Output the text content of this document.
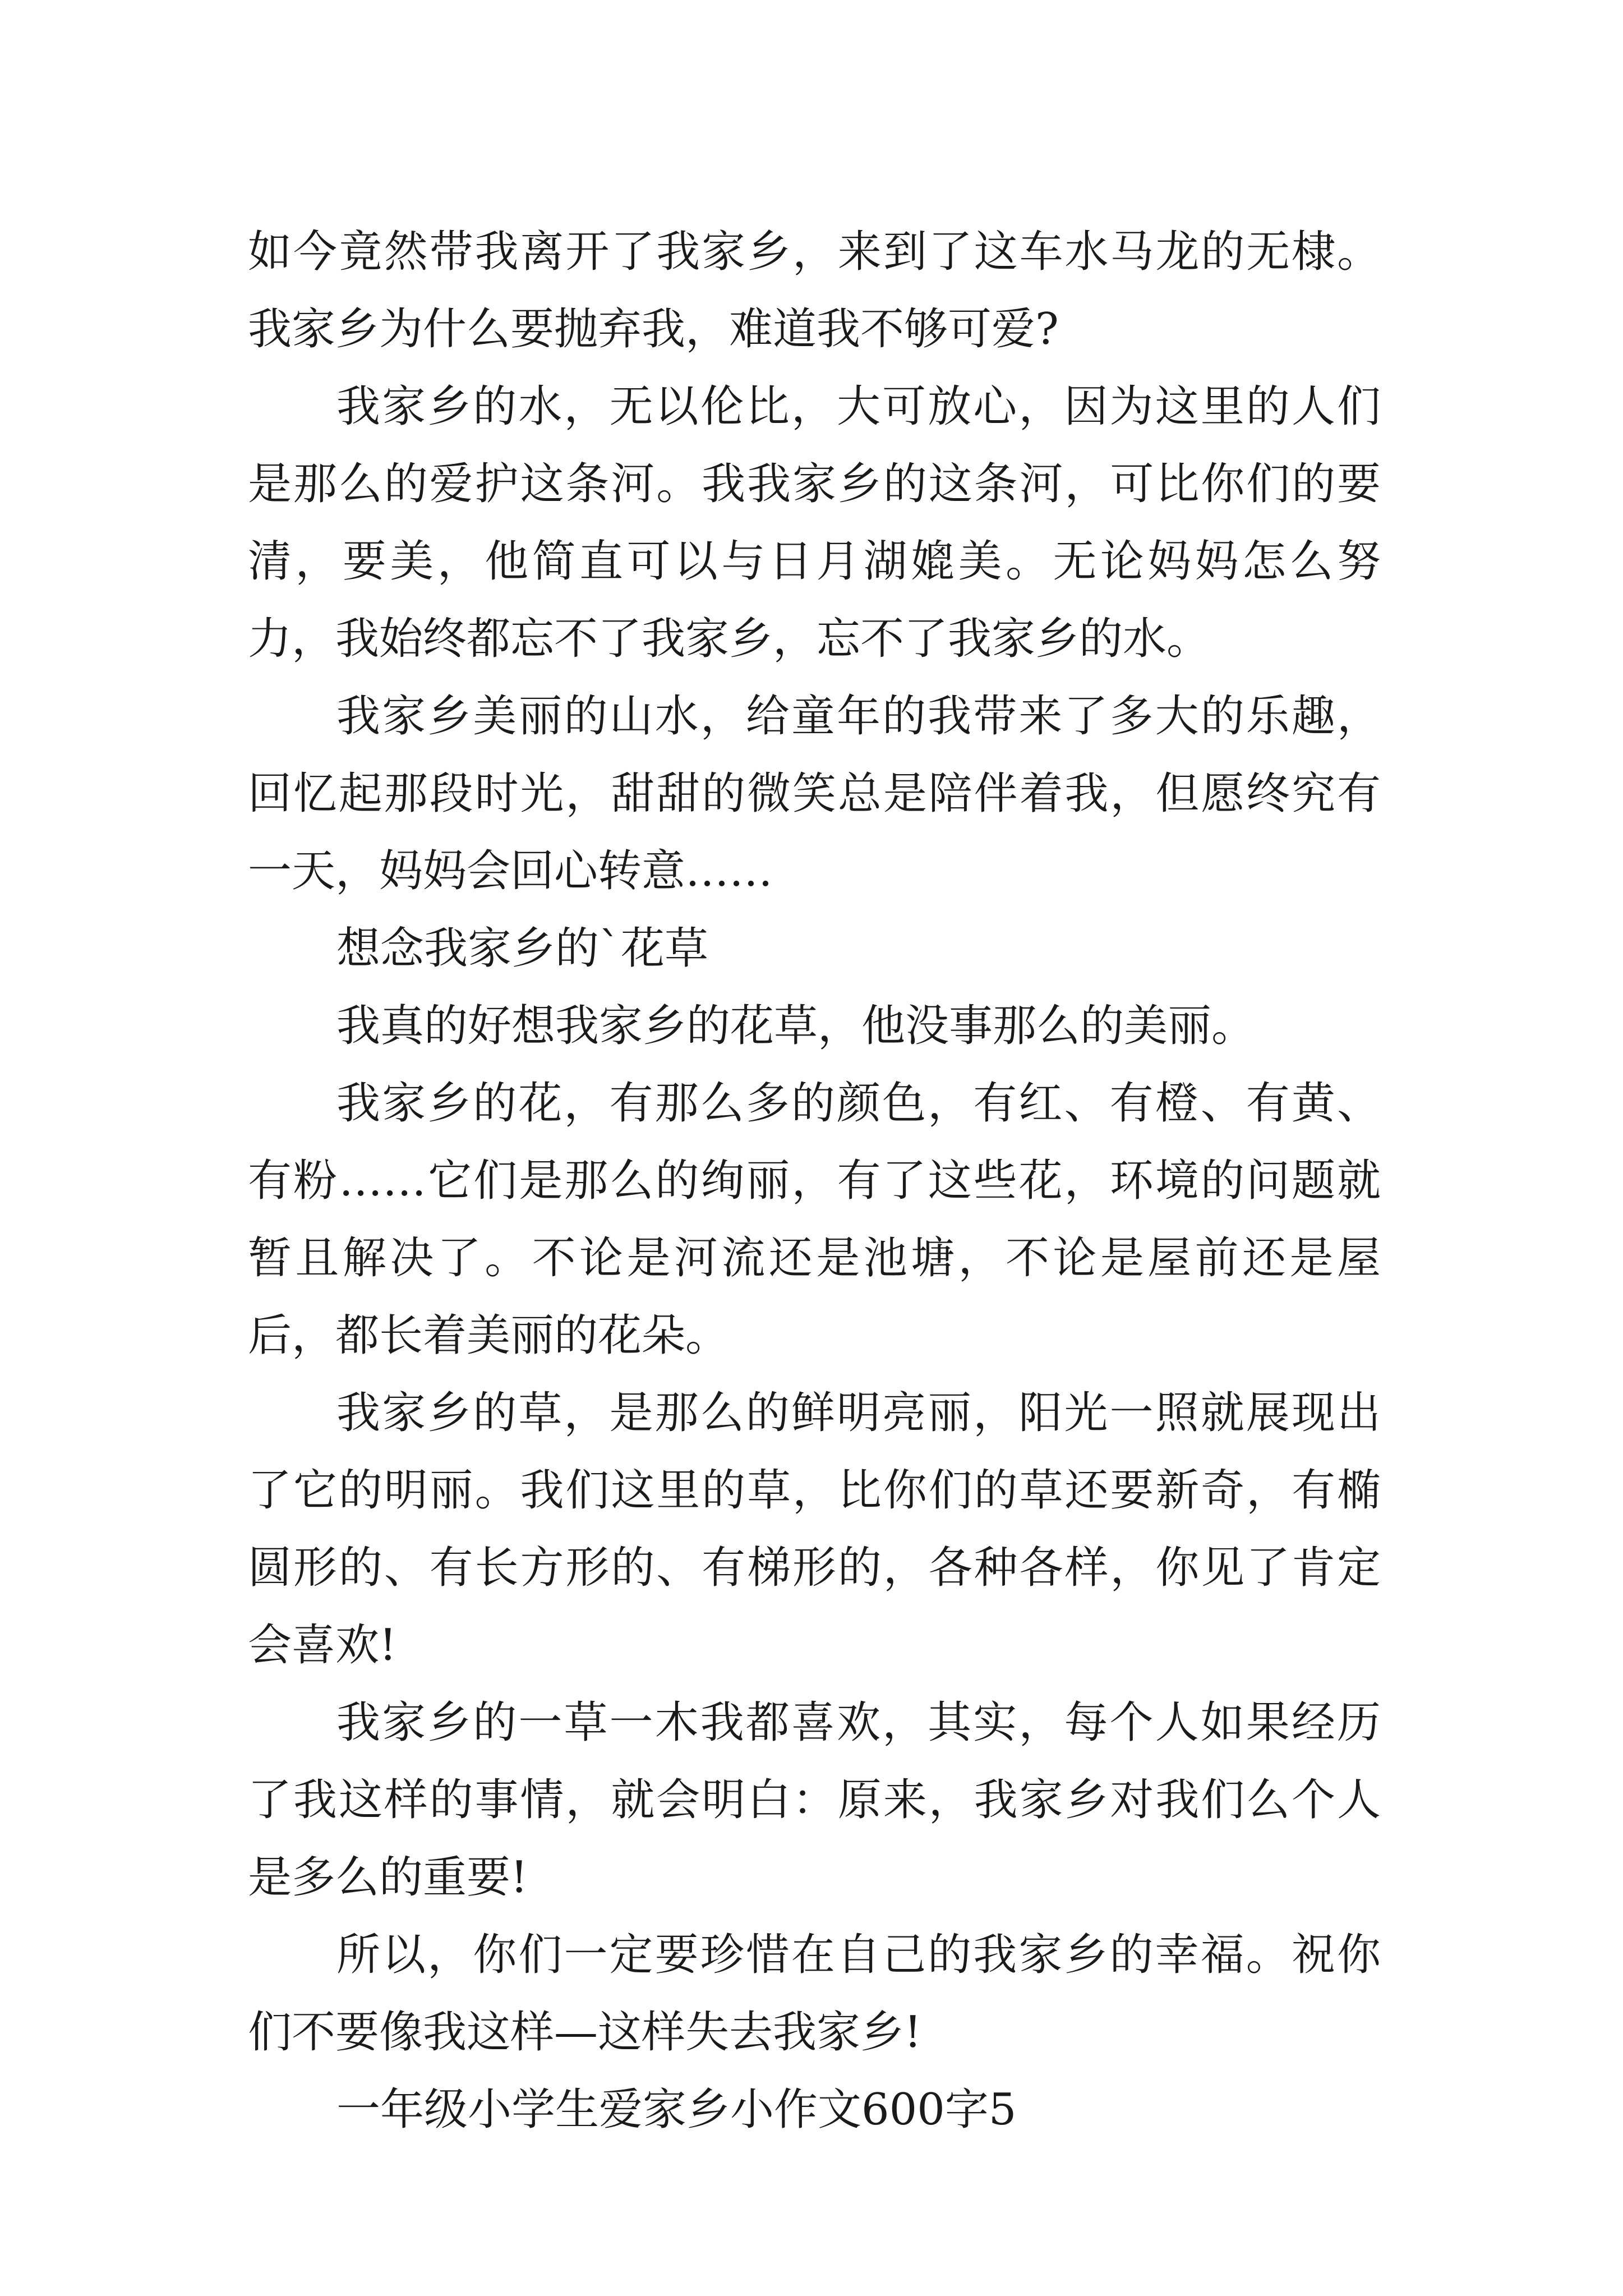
如今竟然带我离开了我家乡，来到了这车水马龙的无棣。我家乡为什么要抛弃我，难道我不够可爱?

我家乡的水，无以伦比，大可放心，因为这里的人们是那么的爱护这条河。我我家乡的这条河，可比你们的要清，要美，他简直可以与日月湖媲美。无论妈妈怎么努力，我始终都忘不了我家乡，忘不了我家乡的水。

我家乡美丽的山水，给童年的我带来了多大的乐趣，回忆起那段时光，甜甜的微笑总是陪伴着我，但愿终究有一天，妈妈会回心转意……

想念我家乡的`花草

我真的好想我家乡的花草，他没事那么的美丽。

我家乡的花，有那么多的颜色，有红、有橙、有黄、有粉……它们是那么的绚丽，有了这些花，环境的问题就暂且解决了。不论是河流还是池塘，不论是屋前还是屋后，都长着美丽的花朵。

我家乡的草，是那么的鲜明亮丽，阳光一照就展现出了它的明丽。我们这里的草，比你们的草还要新奇，有椭圆形的、有长方形的、有梯形的，各种各样，你见了肯定会喜欢!

我家乡的一草一木我都喜欢，其实，每个人如果经历了我这样的事情，就会明白：原来，我家乡对我们么个人是多么的重要!

所以，你们一定要珍惜在自己的我家乡的幸福。祝你们不要像我这样—这样失去我家乡!

一年级小学生爱家乡小作文600字5
